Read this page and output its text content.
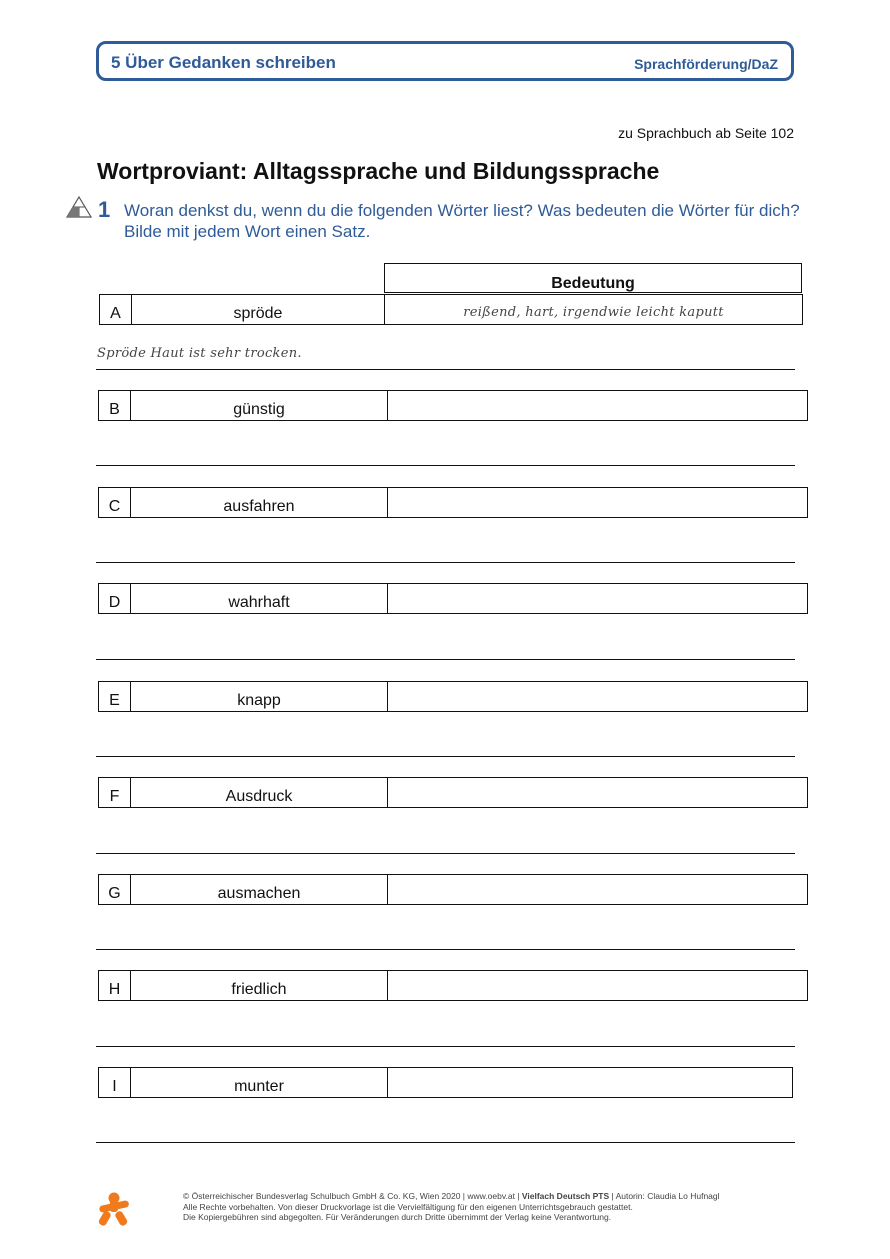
5 Über Gedanken schreiben	Sprachförderung/DaZ
zu Sprachbuch ab Seite 102
Wortproviant: Alltagssprache und Bildungssprache
1 Woran denkst du, wenn du die folgenden Wörter liest? Was bedeuten die Wörter für dich? Bilde mit jedem Wort einen Satz.
Bedeutung
A	spröde	reißend, hart, irgendwie leicht kaputt
Spröde Haut ist sehr trocken.
B	günstig
C	ausfahren
D	wahrhaft
E	knapp
F	Ausdruck
G	ausmachen
H	friedlich
I	munter
© Österreichischer Bundesverlag Schulbuch GmbH & Co. KG, Wien 2020 | www.oebv.at | Vielfach Deutsch PTS | Autorin: Claudia Lo Hufnagl
Alle Rechte vorbehalten. Von dieser Druckvorlage ist die Vervielfältigung für den eigenen Unterrichtsgebrauch gestattet.
Die Kopiergebühren sind abgegolten. Für Veränderungen durch Dritte übernimmt der Verlag keine Verantwortung.
